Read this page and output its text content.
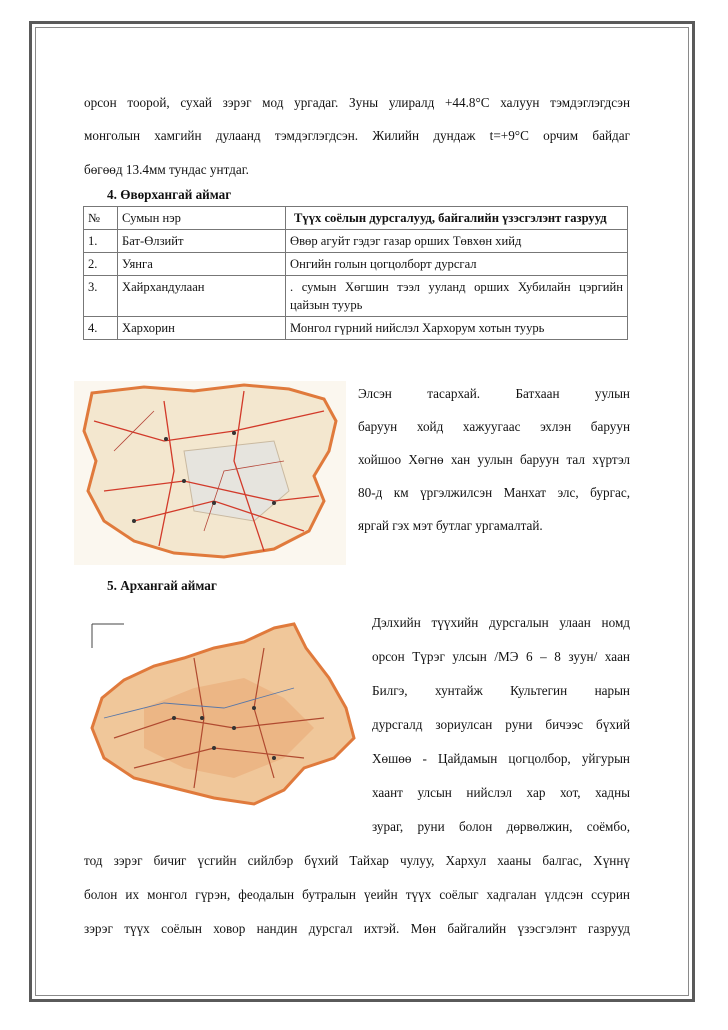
орсон тоорой, сухай зэрэг мод ургадаг. Зуны улиралд +44.8°С халуун тэмдэглэгдсэн
монголын хамгийн дулаанд тэмдэглэгдсэн. Жилийн дундаж t=+9°С орчим байдаг
бөгөөд 13.4мм тундас унтдаг.
4. Өвөрхангай аймаг
№	Сумын нэр	Түүх соёлын дурсгалууд, байгалийн үзэсгэлэнт газрууд
1.	Бат-Өлзийт	Өвөр агуйт гэдэг газар орших Төвхөн хийд
2.	Уянга	Онгийн голын цогцолборт дурсгал
3.	Хайрхандулаан	. сумын Хөгшин тээл ууланд орших Хубилайн цэргийн цайзын туурь
4.	Хархорин	Монгол гүрний нийслэл Хархорум хотын туурь
Элсэн тасархай. Батхаан уулын
баруун хойд хажуугаас эхлэн баруун
хойшоо Хөгнө хан уулын баруун тал хүртэл
80-д км үргэлжилсэн Манхат элс, бургас,
яргай гэх мэт бутлаг ургамалтай.
5. Архангай аймаг
Дэлхийн түүхийн дурсгалын улаан номд
орсон Түрэг улсын /МЭ 6 – 8 зуун/ хаан
Билгэ, хунтайж Культегин нарын
дурсгалд зориулсан руни бичээс бүхий
Хөшөө - Цайдамын цогцолбор, уйгурын
хаант улсын нийслэл хар хот, хадны
зураг, руни болон дөрвөлжин, соёмбо,
тод зэрэг бичиг үсгийн сийлбэр бүхий Тайхар чулуу, Хархул хааны балгас, Хүннү
болон их монгол гүрэн, феодалын бутралын үеийн түүх соёлыг хадгалан үлдсэн ссурин
зэрэг түүх соёлын ховор нандин дурсгал ихтэй. Мөн байгалийн үзэсгэлэнт газрууд
